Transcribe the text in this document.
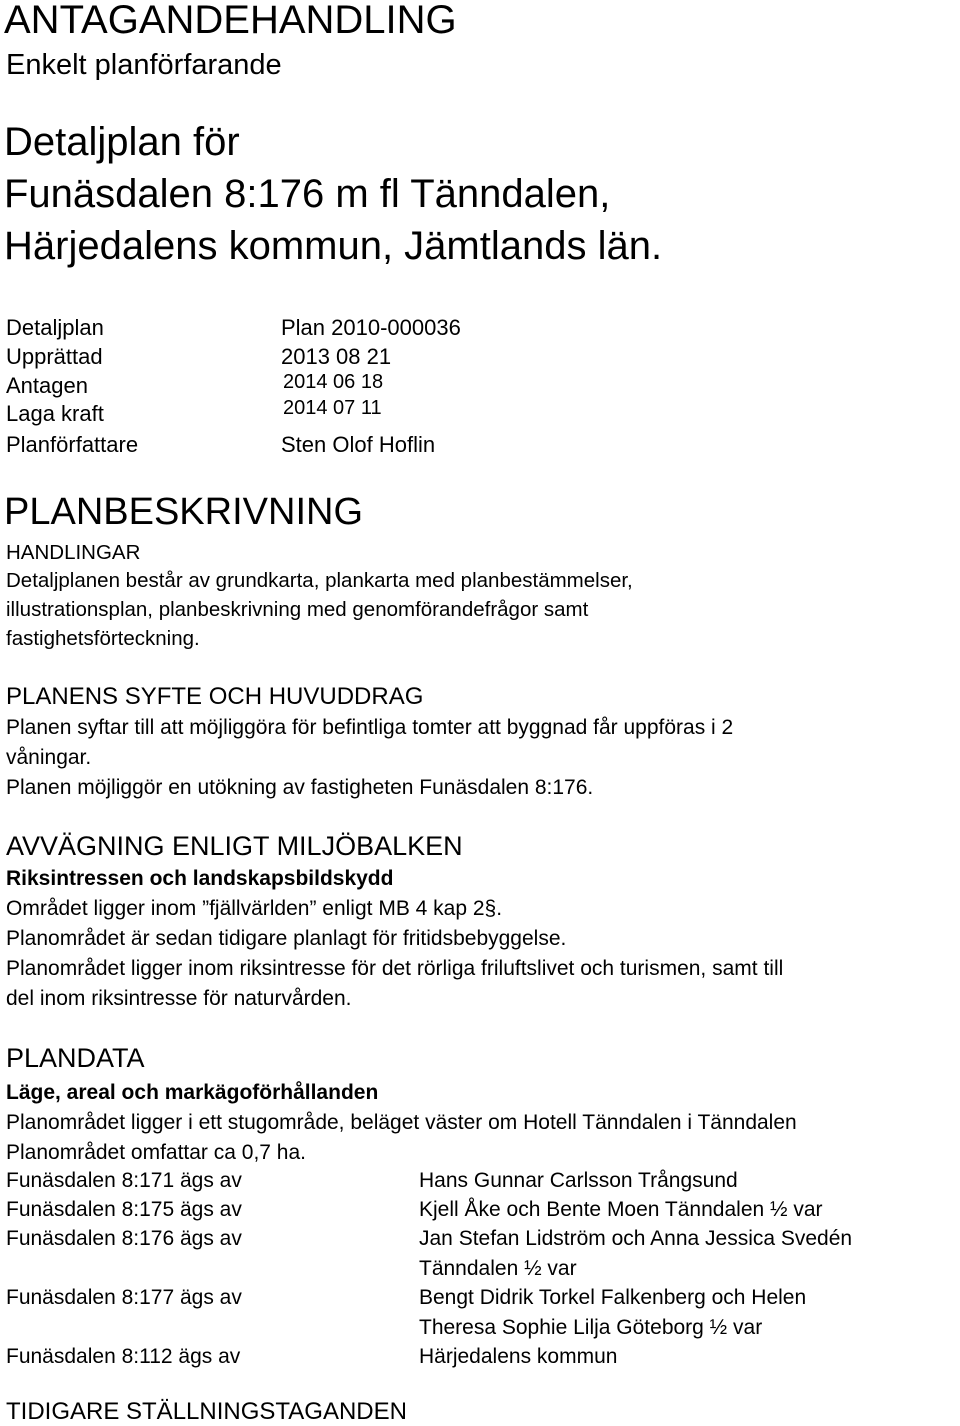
ANTAGANDEHANDLING
Enkelt planförfarande
Detaljplan för
Funäsdalen 8:176 m fl Tänndalen,
Härjedalens kommun, Jämtlands län.
Detaljplan	Plan 2010-000036
Upprättad	2013 08 21
Antagen	2014 06 18
Laga kraft	2014 07 11
Planförfattare	Sten Olof Hoflin
PLANBESKRIVNING
HANDLINGAR
Detaljplanen består av grundkarta, plankarta med planbestämmelser,
illustrationsplan, planbeskrivning med genomförandefrågor samt
fastighetsförteckning.
PLANENS SYFTE OCH HUVUDDRAG
Planen syftar till att möjliggöra för befintliga tomter att byggnad får uppföras i 2
våningar.
Planen möjliggör en utökning av fastigheten Funäsdalen 8:176.
AVVÄGNING ENLIGT MILJÖBALKEN
Riksintressen och landskapsbildskydd
Området ligger inom ”fjällvärlden” enligt MB 4 kap 2§.
Planområdet är sedan tidigare planlagt för fritidsbebyggelse.
Planområdet ligger inom riksintresse för det rörliga friluftslivet och turismen, samt till
del inom riksintresse för naturvården.
PLANDATA
Läge, areal och markägoförhållanden
Planområdet ligger i ett stugområde, beläget väster om Hotell Tänndalen i Tänndalen
Planområdet omfattar ca 0,7 ha.
Funäsdalen 8:171 ägs av	Hans Gunnar Carlsson Trångsund
Funäsdalen 8:175 ägs av	Kjell Åke och Bente Moen Tänndalen ½ var
Funäsdalen 8:176 ägs av	Jan Stefan Lidström och Anna Jessica Svedén
Tänndalen ½ var
Funäsdalen 8:177 ägs av	Bengt Didrik Torkel Falkenberg och Helen
Theresa Sophie Lilja Göteborg ½ var
Funäsdalen 8:112 ägs av	Härjedalens kommun
TIDIGARE STÄLLNINGSTAGANDEN
